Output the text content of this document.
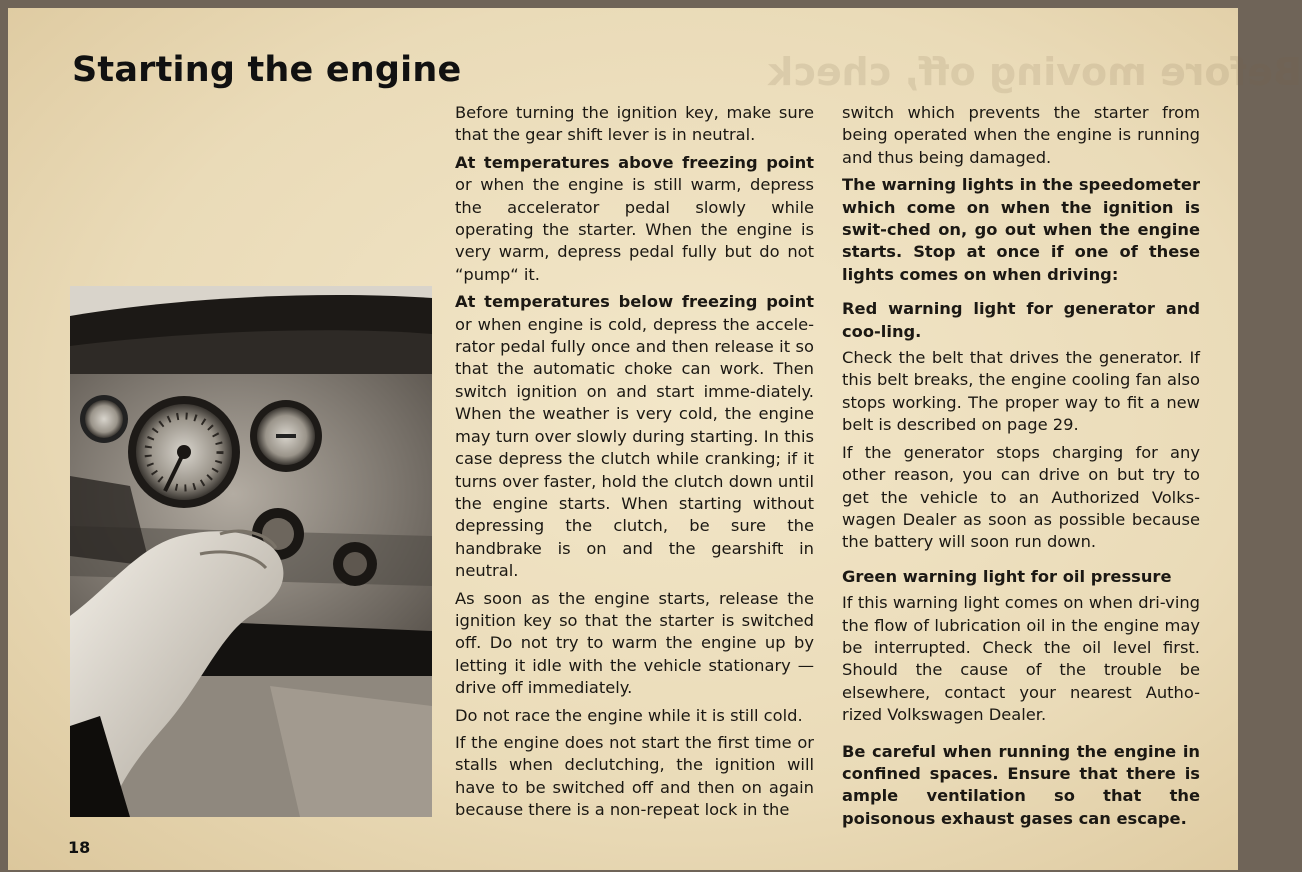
Before moving off, check
Starting the engine

Before turning the ignition key, make sure that the gear shift lever is in neutral.

At temperatures above freezing point or when the engine is still warm, depress the accelerator pedal slowly while operating the starter. When the engine is very warm, depress pedal fully but do not “pump“ it.

At temperatures below freezing point or when engine is cold, depress the accele-rator pedal fully once and then release it so that the automatic choke can work. Then switch ignition on and start imme-diately. When the weather is very cold, the engine may turn over slowly during starting. In this case depress the clutch while cranking; if it turns over faster, hold the clutch down until the engine starts. When starting without depressing the clutch, be sure the handbrake is on and the gearshift in neutral.

As soon as the engine starts, release the ignition key so that the starter is switched off. Do not try to warm the engine up by letting it idle with the vehicle stationary — drive off immediately.

Do not race the engine while it is still cold.

If the engine does not start the first time or stalls when declutching, the ignition will have to be switched off and then on again because there is a non-repeat lock in the

switch which prevents the starter from being operated when the engine is running and thus being damaged.

The warning lights in the speedometer which come on when the ignition is swit-ched on, go out when the engine starts. Stop at once if one of these lights comes on when driving:

Red warning light for generator and coo-ling.

Check the belt that drives the generator. If this belt breaks, the engine cooling fan also stops working. The proper way to fit a new belt is described on page 29.

If the generator stops charging for any other reason, you can drive on but try to get the vehicle to an Authorized Volks-wagen Dealer as soon as possible because the battery will soon run down.

Green warning light for oil pressure

If this warning light comes on when dri-ving the flow of lubrication oil in the engine may be interrupted. Check the oil level first. Should the cause of the trouble be elsewhere, contact your nearest Autho-rized Volkswagen Dealer.

Be careful when running the engine in confined spaces. Ensure that there is ample ventilation so that the poisonous exhaust gases can escape.

18
